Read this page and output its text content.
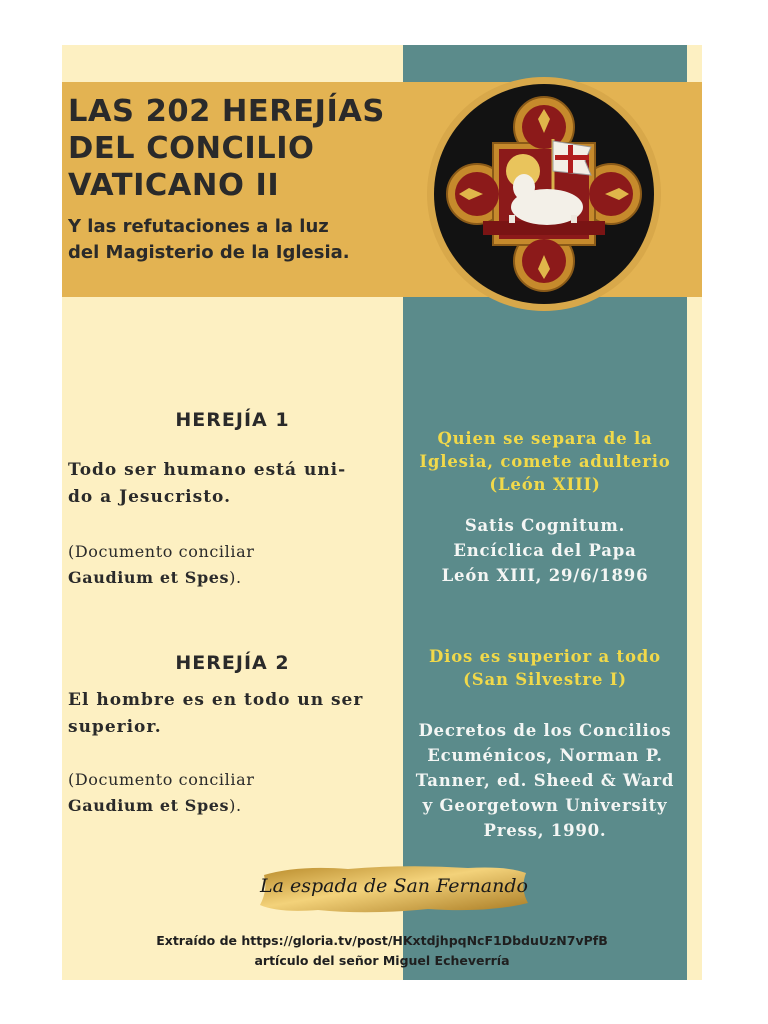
LAS 202 HEREJÍAS
DEL CONCILIO
VATICANO II

Y las refutaciones a la luz
del Magisterio de la Iglesia.

HEREJÍA 1

Todo ser humano está uni-
do a Jesucristo.

(Documento conciliar
Gaudium et Spes).

HEREJÍA 2

El hombre es en todo un ser
superior.

(Documento conciliar
Gaudium et Spes).

Quien se separa de la
Iglesia, comete adulterio
(León XIII)

Satis Cognitum.
Encíclica del Papa
León XIII, 29/6/1896

Dios es superior a todo
(San Silvestre I)

Decretos de los Concilios
Ecuménicos, Norman P.
Tanner, ed. Sheed & Ward
y Georgetown University
Press, 1990.

La espada de San Fernando
Extraído de https://gloria.tv/post/HKxtdjhpqNcF1DbduUzN7vPfB
artículo del señor Miguel Echeverría
